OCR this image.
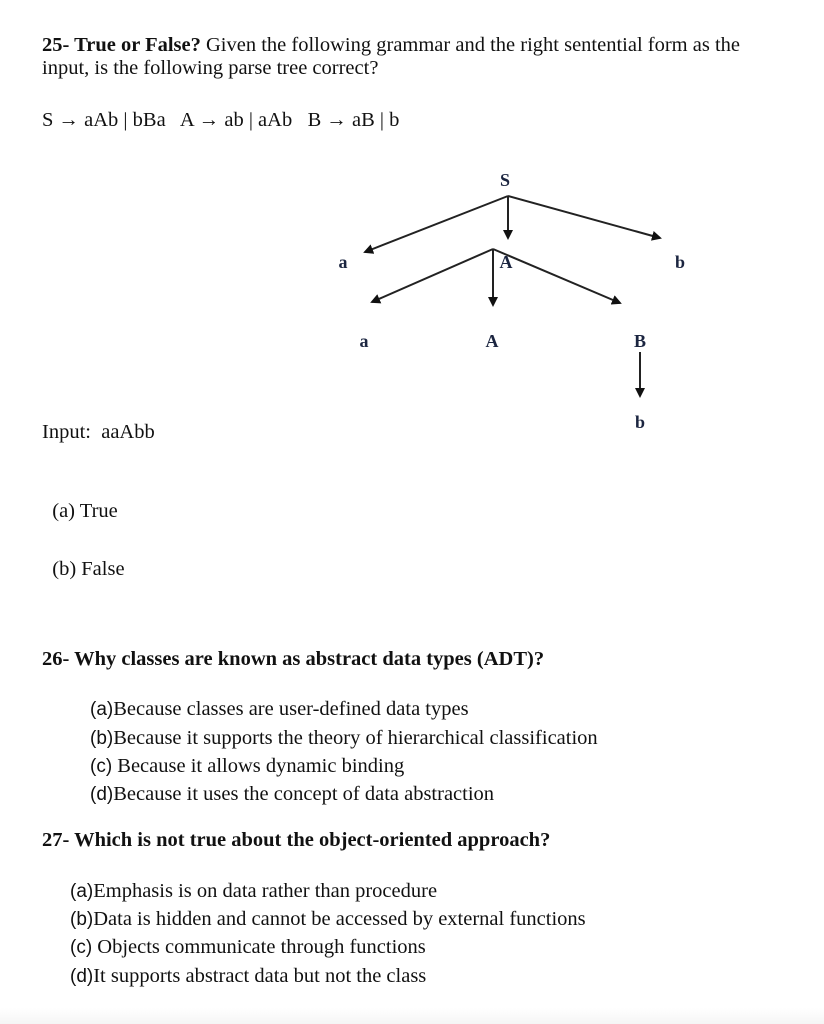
25- True or False? Given the following grammar and the right sentential form as the input, is the following parse tree correct?
S → aAb | bBa   A → ab | aAb   B → aB | b
S
a	A	b
a	A	B
b
Input:  aaAbb

(a) True

(b) False

26- Why classes are known as abstract data types (ADT)?
(a)Because classes are user-defined data types
(b)Because it supports the theory of hierarchical classification
(c) Because it allows dynamic binding
(d)Because it uses the concept of data abstraction
27- Which is not true about the object-oriented approach?
(a)Emphasis is on data rather than procedure
(b)Data is hidden and cannot be accessed by external functions
(c) Objects communicate through functions
(d)It supports abstract data but not the class
